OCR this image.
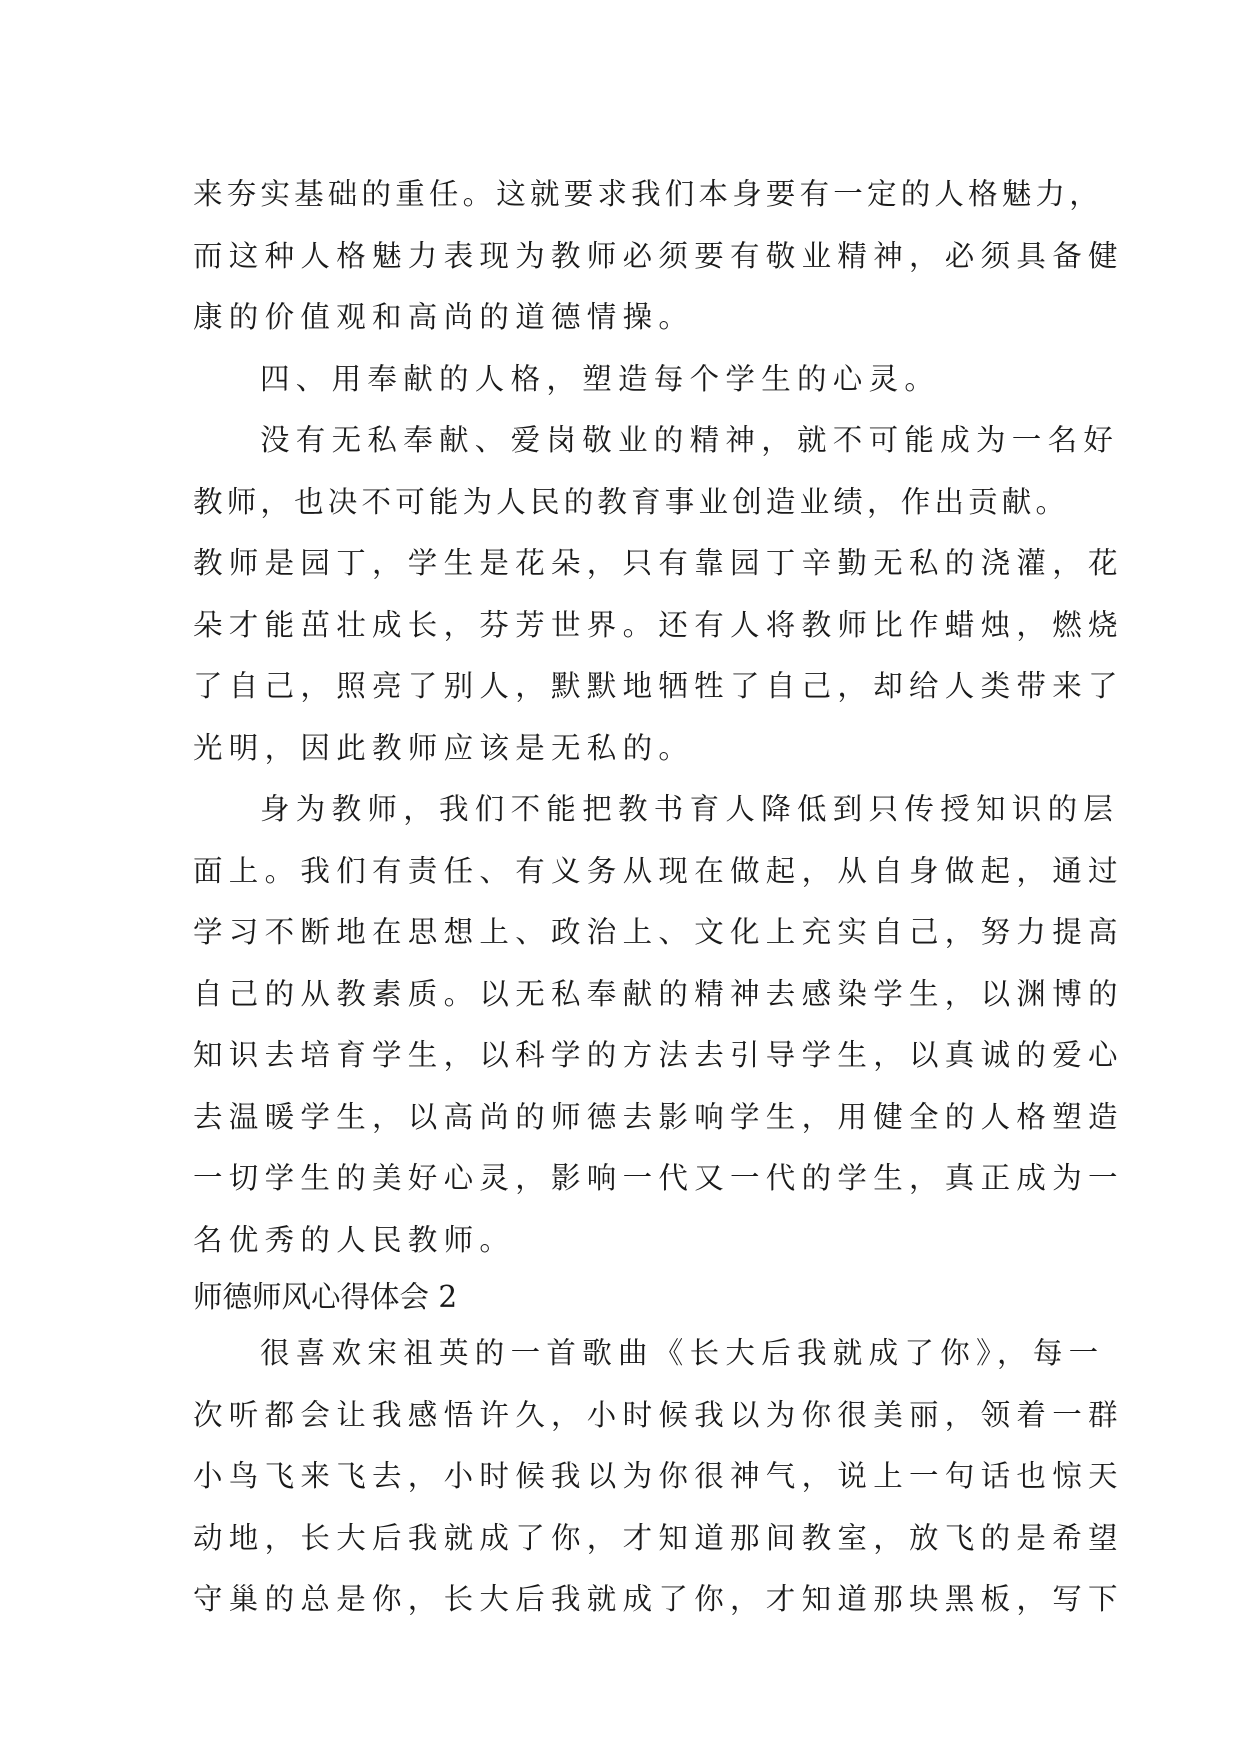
来夯实基础的重任。这就要求我们本身要有一定的人格魅力，
而这种人格魅力表现为教师必须要有敬业精神，必须具备健
康的价值观和高尚的道德情操。
四、用奉献的人格，塑造每个学生的心灵。
没有无私奉献、爱岗敬业的精神，就不可能成为一名好
教师，也决不可能为人民的教育事业创造业绩，作出贡献。
教师是园丁，学生是花朵，只有靠园丁辛勤无私的浇灌，花
朵才能茁壮成长，芬芳世界。还有人将教师比作蜡烛，燃烧
了自己，照亮了别人，默默地牺牲了自己，却给人类带来了
光明，因此教师应该是无私的。
身为教师，我们不能把教书育人降低到只传授知识的层
面上。我们有责任、有义务从现在做起，从自身做起，通过
学习不断地在思想上、政治上、文化上充实自己，努力提高
自己的从教素质。以无私奉献的精神去感染学生，以渊博的
知识去培育学生，以科学的方法去引导学生，以真诚的爱心
去温暖学生，以高尚的师德去影响学生，用健全的人格塑造
一切学生的美好心灵，影响一代又一代的学生，真正成为一
名优秀的人民教师。
师德师风心得体会 2
很喜欢宋祖英的一首歌曲《长大后我就成了你》，每一
次听都会让我感悟许久，小时候我以为你很美丽，领着一群
小鸟飞来飞去，小时候我以为你很神气，说上一句话也惊天
动地，长大后我就成了你，才知道那间教室，放飞的是希望
守巢的总是你，长大后我就成了你，才知道那块黑板，写下
